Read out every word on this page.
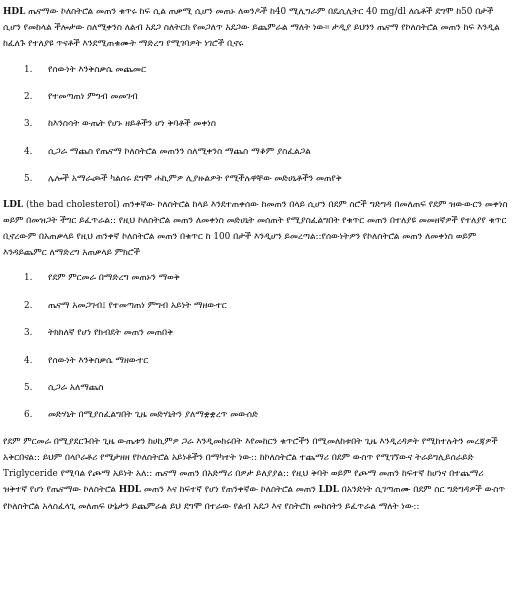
HDL ጤናማው ኮለስትሮል መጠን ቁጥሩ ከፍ ሲል ጠቃሚ ሲሆን መጠኑ ለወንዶች ከ40 ሚሊግራም በዴሲሊትር 40 mg/dl ለሴቶች ደግሞ ከ50 በታች ሲሆን የመከላል ችሎታው ስለሚቀንስ ለልብ አደጋ ስለትርከ የመጋለጥ አደጋው ይጨምራል ማለት ነው። ታዲያ ይህንን ጤናማ የኮለስትሮል መጠን ከፍ እንዲል ከፈለጉ የተለያዩ ጥናቶች እንደሚጠቁሙት ማድረግ የሚገባዎት ነገሮች ቢኖሩ

1. የሰውነት እንቅስቃሴ መጨመር
2. የተመጣጠነ ምግብ መመገብ
3. ከእንስሳት ውጤት የሆኑ ዘይቶችን ሆነ ቅባቶች መቀነስ
4. ሲጋራ ማጨስ የጤናማ ኮለስትሮል መጠንን ስለሚቀንስ ማጨስ ማቆም ያስፈልጋል
5. ሌሎች አማራጮች ካልሰሩ ደግሞ ሐኪምዎ ሊያዙልዎት የሚችሉዋቸው መድሀኒቶችን መጠየቅ

LDL (the bad cholesterol) ጠንቀኛው ኮለስትሮል ከላይ እንደተጠቀሰው ከመጠን በላይ ሲሆን በደም ስሮች ግድግዳ በመለጠፍ የደም ዝውውርን መቀነስ ወይም በመዝጋት ችግር ይፈጥራል:: የዚህ ኮለስትሮል መጠን ለመቀነስ መድሀኒት መሰጠት የሚያስፈልግበት የቁጥር መጠን በተለያዩ መመዘኛዎች የተለያየ ቁጥር ቢኖረውም በአጠቃላይ የዚህ ጠንቀኛ ኮለስትሮል መጠን በቁጥር ከ 100 በታች እንዲሆን ይመረጣል::የሰውነትዎን የኮለስትሮል መጠን ለመቀነስ ወይም እንዳይጨምር ለማድረግ አጠቃላይ ምክሮች

1. የደም ምርመራ በማድረግ መጠኑን ማወቅ
2. ጤናማ አመጋገብ፤ የተመጣጠነ ምግብ አይነት ማዘውተር
3. ትክክለኛ የሆነ የክብደት መጠን መጠበቅ
4. የሰውነት እንቅስቃሴ ማዘውተር
5. ሲጋራ አለማጨስ
6. መድሃኒት በሚያስፈልግበት ጊዜ መድሃኒትን ያለማቋቋረጥ መውሰድ

የደም ምርመራ በሚያደርጉበት ጊዜ ውጤቱን ከሀኪምዎ ጋራ እንዲመከሩበት እየመከርን ቁጥሮችን በሚመለከቱበት ጊዜ እንዲረዳዎት የሚከተሉትን መረጃዎች አቅርበናል:: ይህም በላቦራቶሪ የሚታዘዘ የኮለስትሮል አይነቶችን በማካተት ነው:: ከኮለስትሮል ተጨማሪ በደም ውስጥ የሚገኘውና ትራይግሊይሰራይድ Triglyceride የሚባል የጮማ አይነት አለ:: ጤናማ መጠን በአድማሪ በዎታ ይለያያል:: የዚህ ቅባት ወይም የጮማ መጠን ከፍተኛ ከሆነና በተጨማሪ ዝቅተኛ የሆነ የጤናማው ኮለስትሮል HDL መጠን እና ከፍተኛ የሆነ የጠንቀኛው ኮለስትሮል መጠን LDL በአንድነት ሲገጣጠሙ በደም ስር ግድግዳዎች ውስጥ የኮለስትሮል አላስፈላጊ መለጠፍ ሁኔታን ይጨምራል ይህ ደግሞ በተራው የልብ አደጋ እና የስትሮክ መከሰትን ይፈጥራል ማለት ነው::
